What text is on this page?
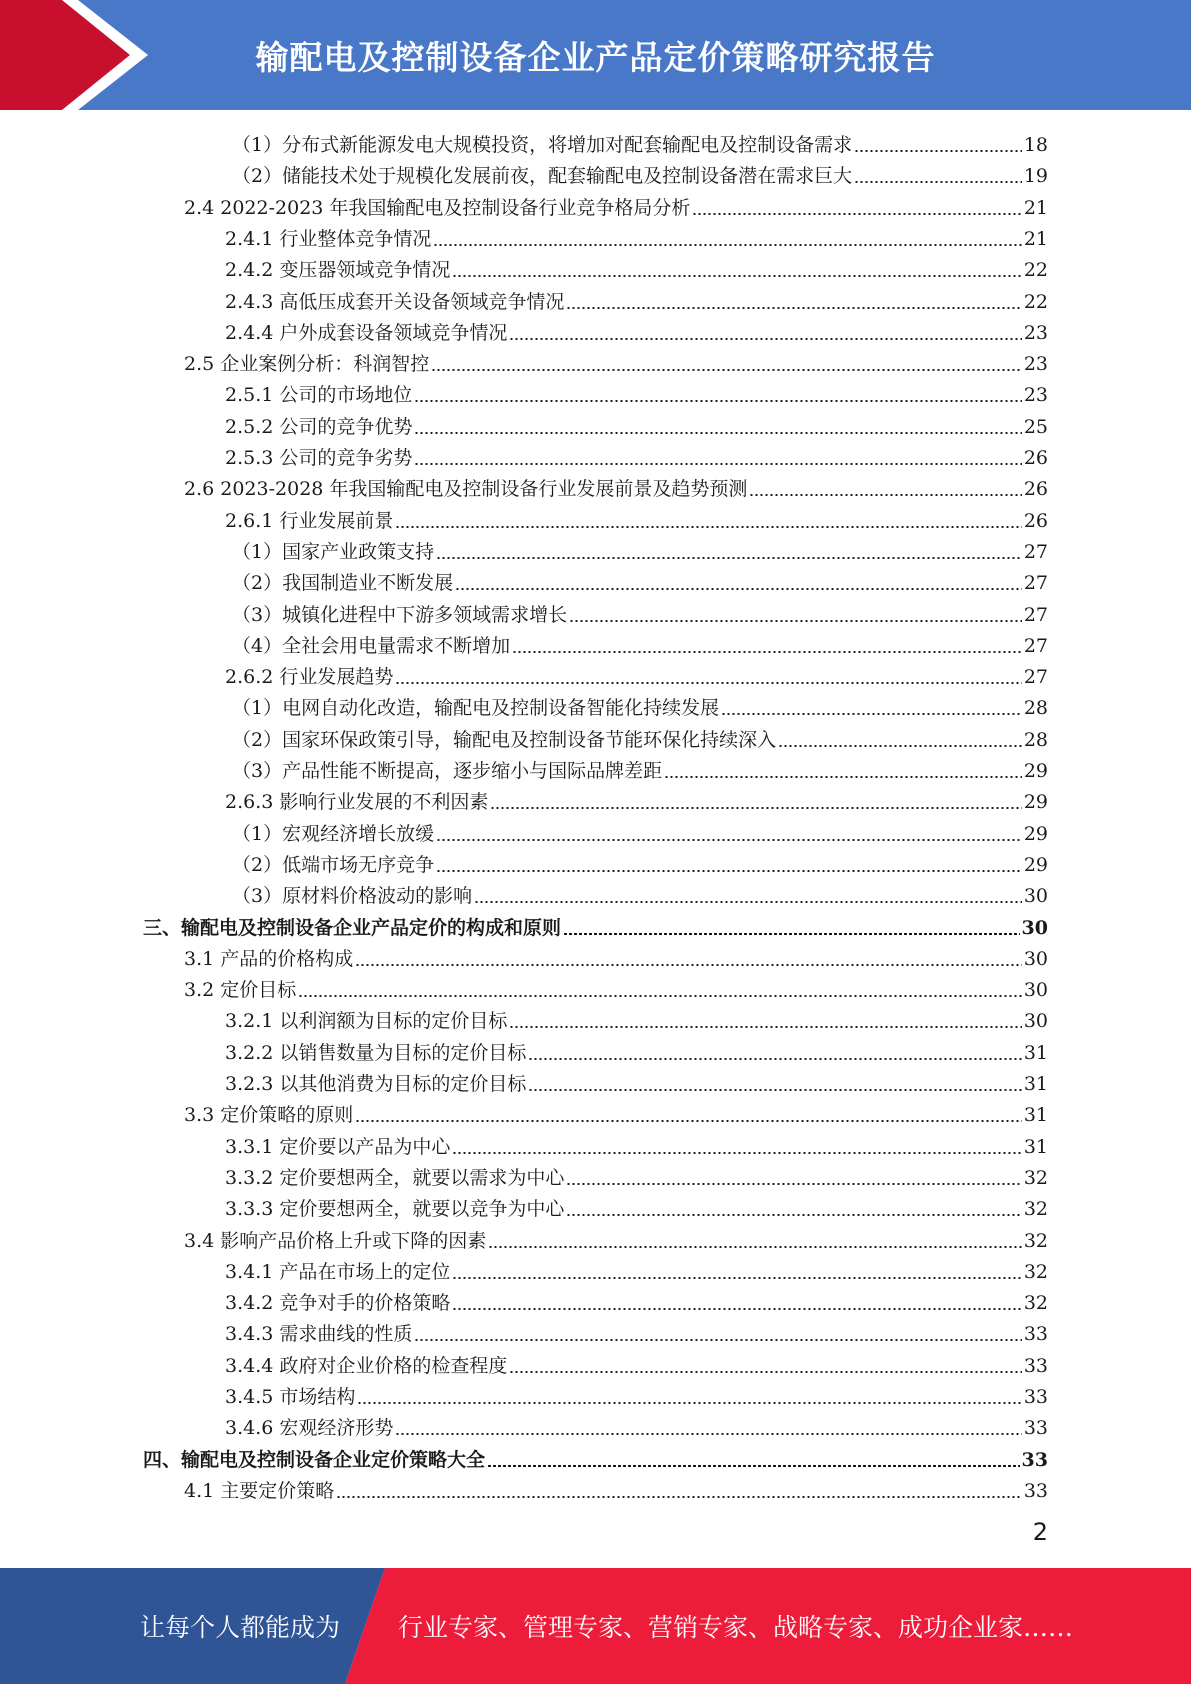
输配电及控制设备企业产品定价策略研究报告
（1）分布式新能源发电大规模投资，将增加对配套输配电及控制设备需求	18
（2）储能技术处于规模化发展前夜，配套输配电及控制设备潜在需求巨大	19
2.4 2022-2023 年我国输配电及控制设备行业竞争格局分析	21
2.4.1 行业整体竞争情况	21
2.4.2 变压器领域竞争情况	22
2.4.3 高低压成套开关设备领域竞争情况	22
2.4.4 户外成套设备领域竞争情况	23
2.5 企业案例分析：科润智控	23
2.5.1 公司的市场地位	23
2.5.2 公司的竞争优势	25
2.5.3 公司的竞争劣势	26
2.6 2023-2028 年我国输配电及控制设备行业发展前景及趋势预测	26
2.6.1 行业发展前景	26
（1）国家产业政策支持	27
（2）我国制造业不断发展	27
（3）城镇化进程中下游多领域需求增长	27
（4）全社会用电量需求不断增加	27
2.6.2 行业发展趋势	27
（1）电网自动化改造，输配电及控制设备智能化持续发展	28
（2）国家环保政策引导，输配电及控制设备节能环保化持续深入	28
（3）产品性能不断提高，逐步缩小与国际品牌差距	29
2.6.3 影响行业发展的不利因素	29
（1）宏观经济增长放缓	29
（2）低端市场无序竞争	29
（3）原材料价格波动的影响	30
三、输配电及控制设备企业产品定价的构成和原则	30
3.1 产品的价格构成	30
3.2 定价目标	30
3.2.1 以利润额为目标的定价目标	30
3.2.2 以销售数量为目标的定价目标	31
3.2.3 以其他消费为目标的定价目标	31
3.3 定价策略的原则	31
3.3.1 定价要以产品为中心	31
3.3.2 定价要想两全，就要以需求为中心	32
3.3.3 定价要想两全，就要以竞争为中心	32
3.4 影响产品价格上升或下降的因素	32
3.4.1 产品在市场上的定位	32
3.4.2 竞争对手的价格策略	32
3.4.3 需求曲线的性质	33
3.4.4 政府对企业价格的检查程度	33
3.4.5 市场结构	33
3.4.6 宏观经济形势	33
四、输配电及控制设备企业定价策略大全	33
4.1 主要定价策略	33
2
让每个人都能成为 行业专家、管理专家、营销专家、战略专家、成功企业家……
